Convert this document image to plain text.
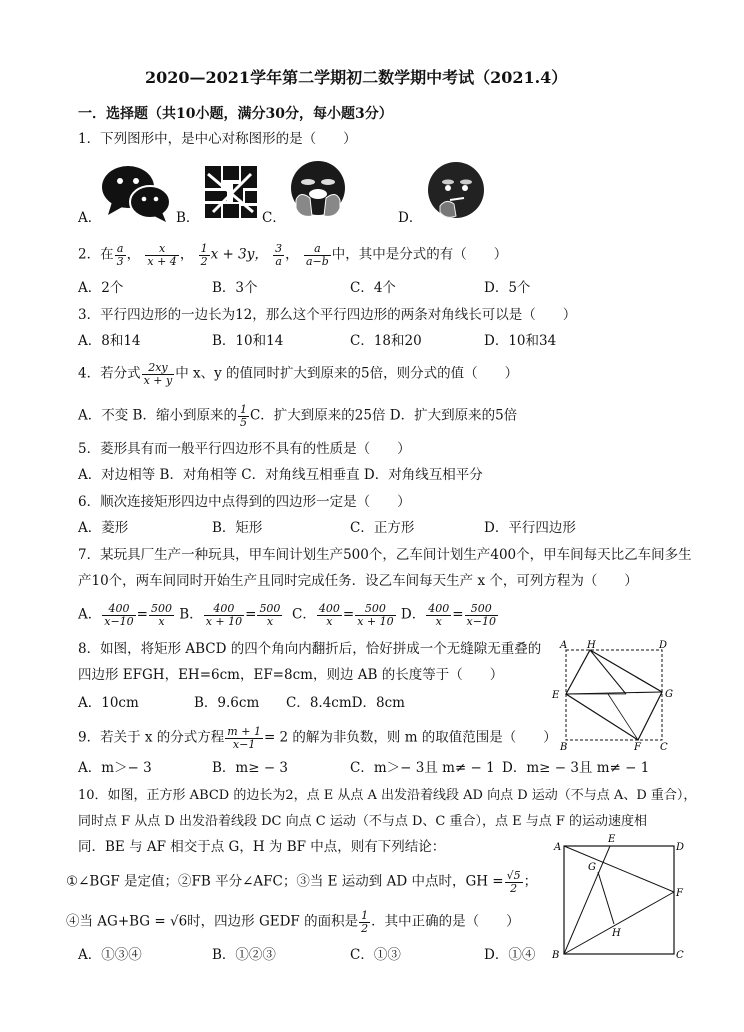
2020—2021学年第二学期初二数学期中考试（2021.4）
一．选择题（共10小题，满分30分，每小题3分）
1．下列图形中，是中心对称图形的是（　　）
A．	B．	C．	D．
2．在 $\frac{a}{3}$ ， $\frac{x}{x + 4}$ ， $\frac{1}{2}$ x + 3y， $\frac{3}{a}$ ， $\frac{a}{a-b}$ 中，其中是分式的有（　　）
A．2个	B．3个	C．4个	D．5个
3．平行四边形的一边长为12，那么这个平行四边形的两条对角线长可以是（　　）
A．8和14	B．10和14	C．18和20	D．10和34
4．若分式 $\frac{2xy}{x + y}$ 中 x、y 的值同时扩大到原来的5倍，则分式的值（　　）
A．不变 B．缩小到原来的 $\frac{1}{5}$ C．扩大到原来的25倍 D．扩大到原来的5倍
5．菱形具有而一般平行四边形不具有的性质是（　　）
A．对边相等 B．对角相等 C．对角线互相垂直 D．对角线互相平分
6．顺次连接矩形四边中点得到的四边形一定是（　　）
A．菱形	B．矩形	C．正方形	D．平行四边形
7．某玩具厂生产一种玩具，甲车间计划生产500个，乙车间计划生产400个，甲车间每天比乙车间多生
产10个，两车间同时开始生产且同时完成任务．设乙车间每天生产 x 个，可列方程为（　　）
A． $\frac{400}{x-10} = \frac{500}{x}$ B． $\frac{400}{x + 10} = \frac{500}{x}$ C． $\frac{400}{x} = \frac{500}{x + 10}$ D． $\frac{400}{x} = \frac{500}{x-10}$
8．如图，将矩形 ABCD 的四个角向内翻折后，恰好拼成一个无缝隙无重叠的
四边形 EFGH，EH=6cm，EF=8cm，则边 AB 的长度等于（　　）
A．10cm	B．9.6cm C．8.4cmD．8cm
A H	D
E	G
B	F C
9．若关于 x 的分式方程 $\frac{m + 1}{x-1} = 2$ 的解为非负数，则 m 的取值范围是（　　）
A．m＞− 3	B．m≥ − 3	C．m＞− 3且 m≠ − 1 D．m≥ − 3且 m≠ − 1
10．如图，正方形 ABCD 的边长为2，点 E 从点 A 出发沿着线段 AD 向点 D 运动（不与点 A、D 重合），
同时点 F 从点 D 出发沿着线段 DC 向点 C 运动（不与点 D、C 重合），点 E 与点 F 的运动速度相
同．BE 与 AF 相交于点 G，H 为 BF 中点，则有下列结论：
①∠BGF 是定值；②FB 平分∠AFC；③当 E 运动到 AD 中点时，GH = $\frac{√5}{2}$ ；
④当 AG+BG = √6时，四边形 GEDF 的面积是 $\frac{1}{2}$ ．其中正确的是（　　）
A．①③④	B．①②③	C．①③	D．①④
A
E
D
G
F
H
B	C
